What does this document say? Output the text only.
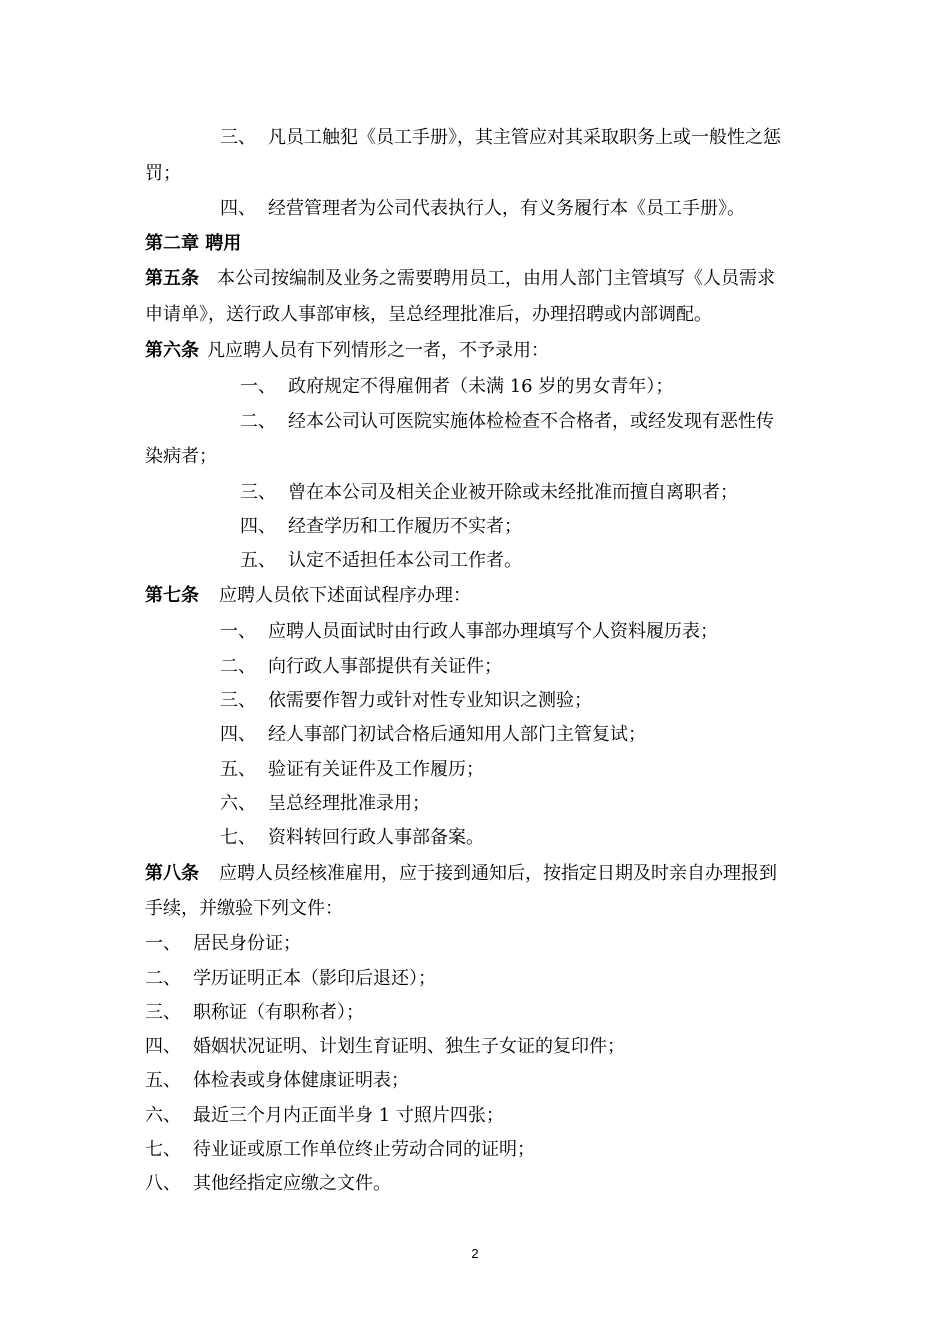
三、 凡员工触犯《员工手册》，其主管应对其采取职务上或一般性之惩
罚；
四、 经营管理者为公司代表执行人，有义务履行本《员工手册》。
第二章 聘用
第五条 本公司按编制及业务之需要聘用员工，由用人部门主管填写《人员需求
申请单》，送行政人事部审核，呈总经理批准后，办理招聘或内部调配。
第六条 凡应聘人员有下列情形之一者，不予录用：
一、 政府规定不得雇佣者（未满 16 岁的男女青年）；
二、 经本公司认可医院实施体检检查不合格者，或经发现有恶性传
染病者；
三、 曾在本公司及相关企业被开除或未经批准而擅自离职者；
四、 经查学历和工作履历不实者；
五、 认定不适担任本公司工作者。
第七条 应聘人员依下述面试程序办理：
一、 应聘人员面试时由行政人事部办理填写个人资料履历表；
二、 向行政人事部提供有关证件；
三、 依需要作智力或针对性专业知识之测验；
四、 经人事部门初试合格后通知用人部门主管复试；
五、 验证有关证件及工作履历；
六、 呈总经理批准录用；
七、 资料转回行政人事部备案。
第八条 应聘人员经核准雇用，应于接到通知后，按指定日期及时亲自办理报到
手续，并缴验下列文件：
一、 居民身份证；
二、 学历证明正本（影印后退还）；
三、 职称证（有职称者）；
四、 婚姻状况证明、计划生育证明、独生子女证的复印件；
五、 体检表或身体健康证明表；
六、 最近三个月内正面半身 1 寸照片四张；
七、 待业证或原工作单位终止劳动合同的证明；
八、 其他经指定应缴之文件。
2
